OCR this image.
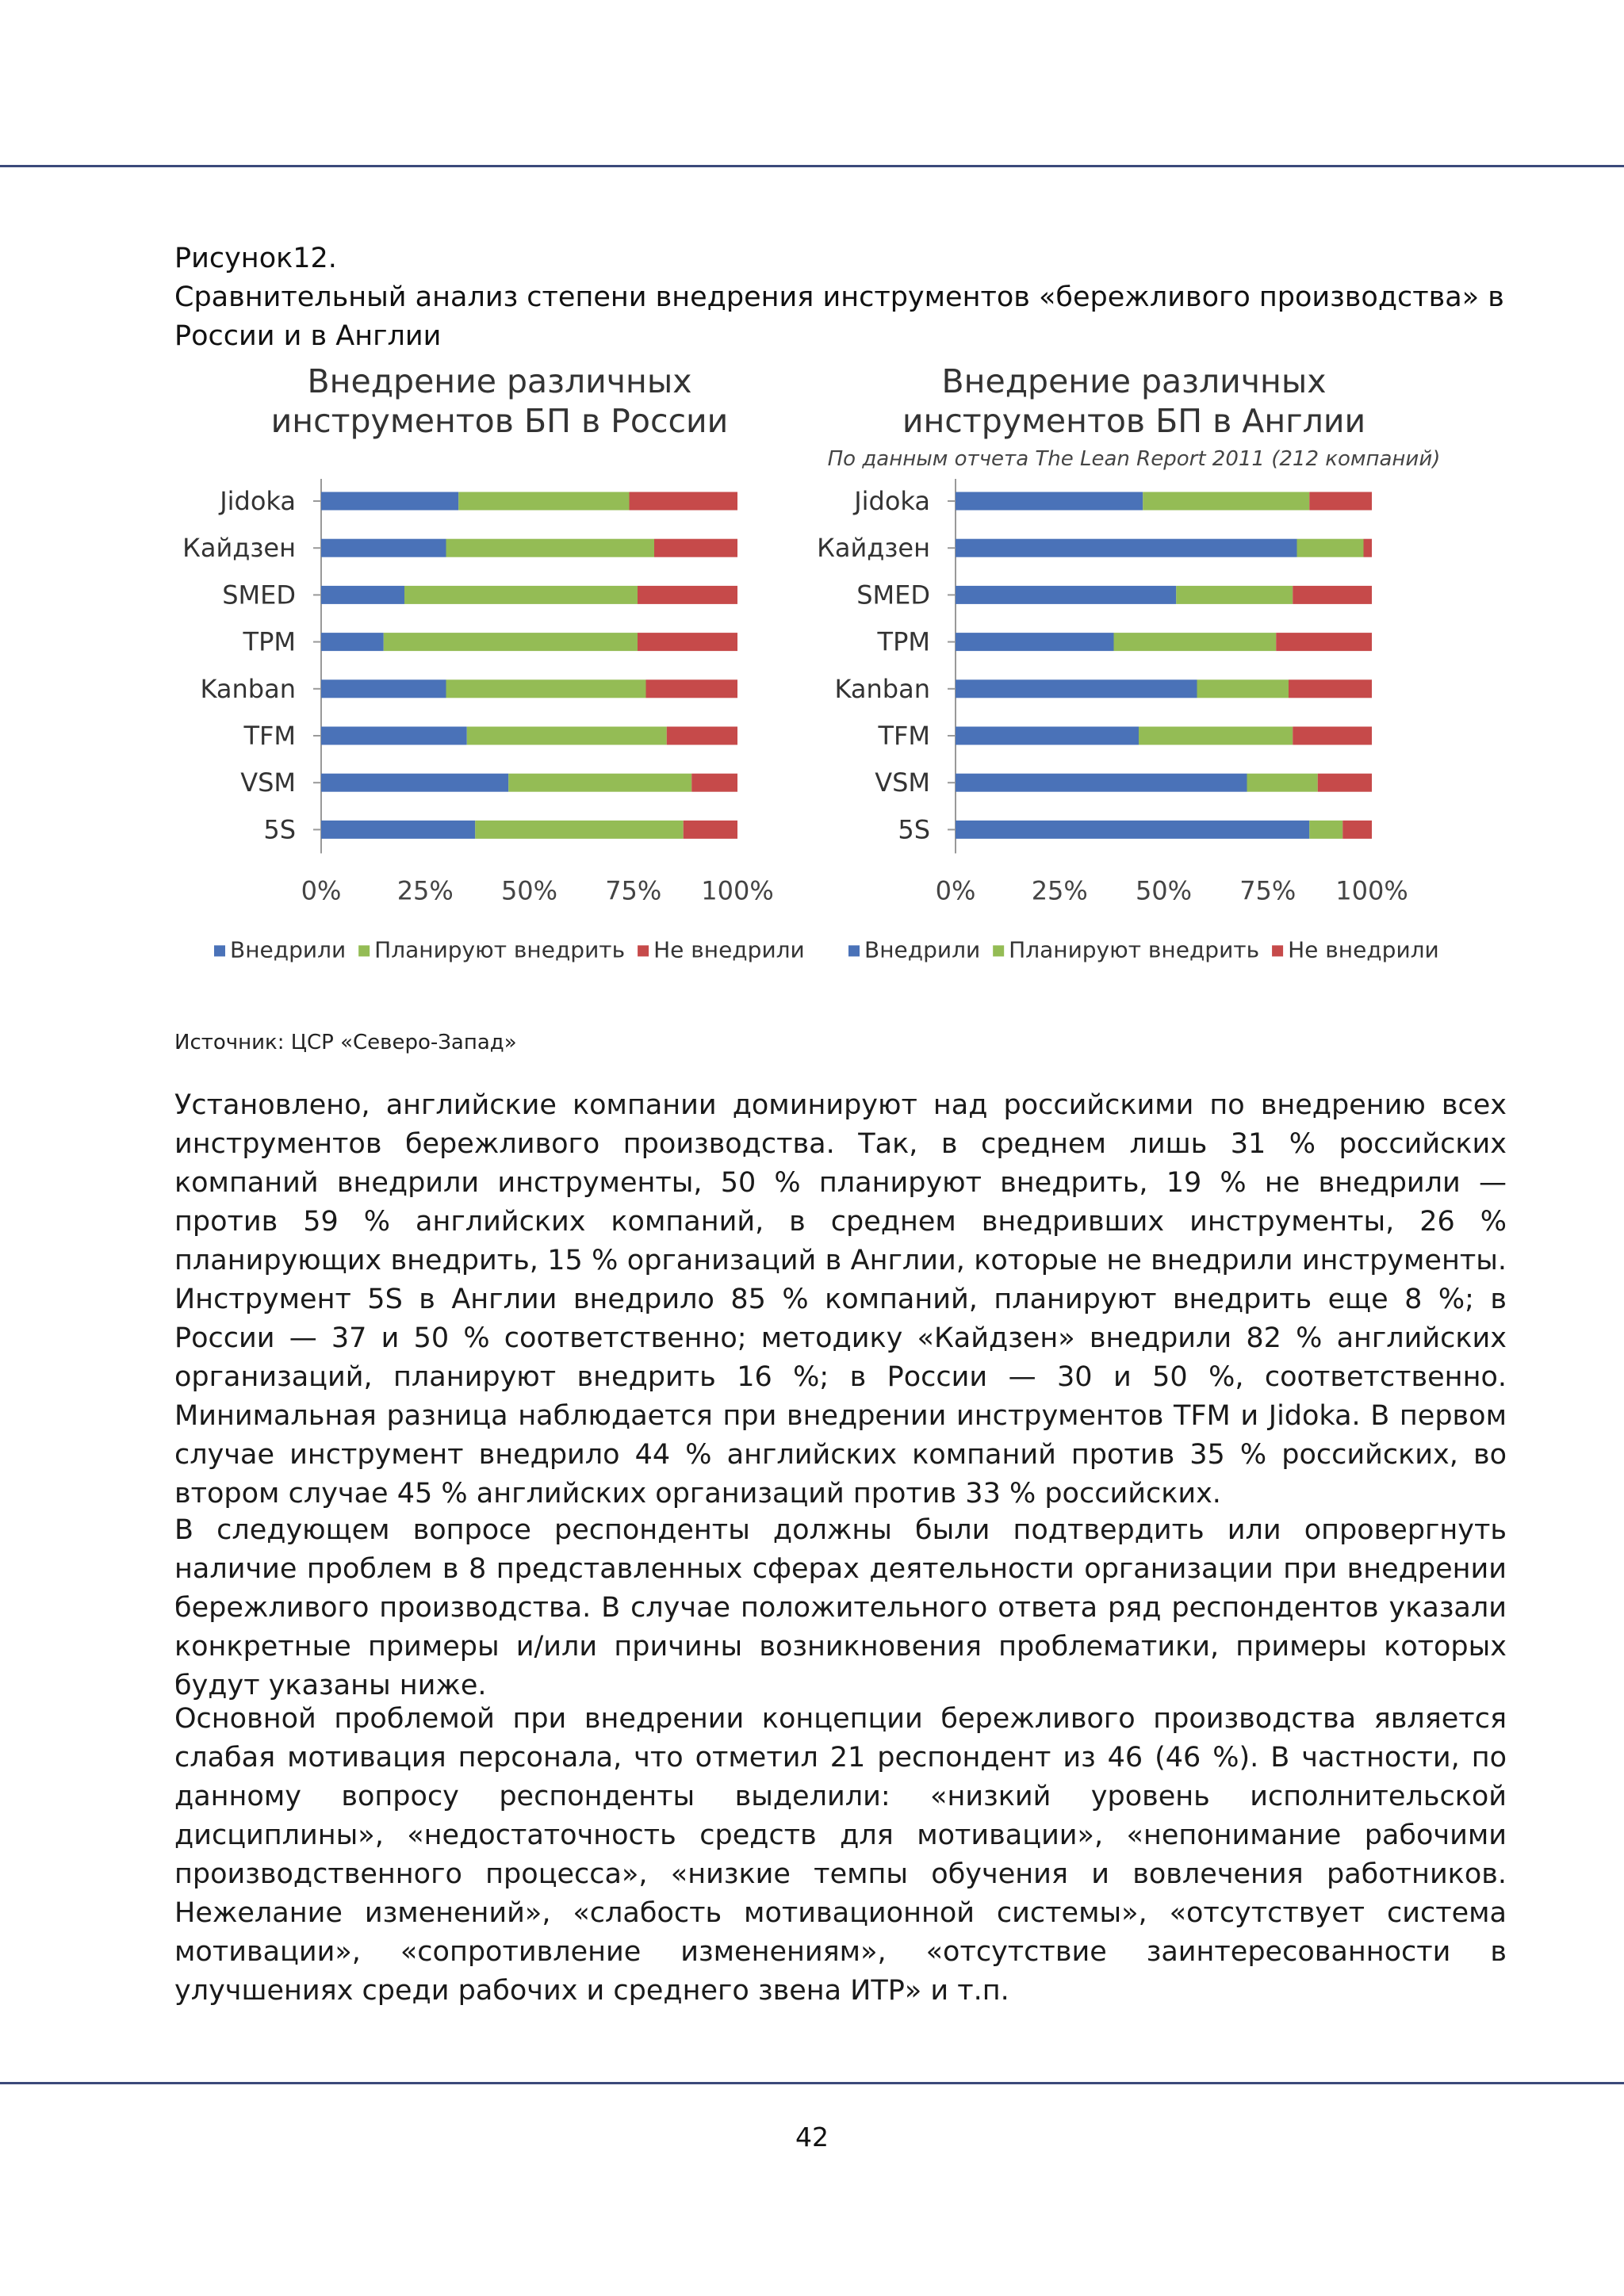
Рисунок12.
Сравнительный анализ степени внедрения инструментов «бережливого производства» в России и в Англии
Внедрение различных
инструментов БП в России
Jidoka
Кайдзен
SMED
TPM
Kanban
TFM
VSM
5S
0% 25% 50% 75% 100%
Внедрили Планируют внедрить Не внедрили
Внедрение различных
инструментов БП в Англии
По данным отчета The Lean Report 2011 (212 компаний)
Jidoka
Кайдзен
SMED
TPM
Kanban
TFM
VSM
5S
0% 25% 50% 75% 100%
Внедрили Планируют внедрить Не внедрили
Источник: ЦСР «Северо-Запад»
Установлено, английские компании доминируют над российскими по внедрению всех инструментов бережливого производства. Так, в среднем лишь 31 % российских компаний внедрили инструменты, 50 % планируют внедрить, 19 % не внедрили — против 59 % английских компаний, в среднем внедривших инструменты, 26 % планирующих внедрить, 15 % организаций в Англии, которые не внедрили инструменты. Инструмент 5S в Англии внедрило 85 % компаний, планируют внедрить еще 8 %; в России — 37 и 50 % соответственно; методику «Кайдзен» внедрили 82 % английских организаций, планируют внедрить 16 %; в России — 30 и 50 %, соответственно. Минимальная разница наблюдается при внедрении инструментов TFM и Jidoka. В первом случае инструмент внедрило 44 % английских компаний против 35 % российских, во втором случае 45 % английских организаций против 33 % российских.
В следующем вопросе респонденты должны были подтвердить или опровергнуть наличие проблем в 8 представленных сферах деятельности организации при внедрении бережливого производства. В случае положительного ответа ряд респондентов указали конкретные примеры и/или причины возникновения проблематики, примеры которых будут указаны ниже.
Основной проблемой при внедрении концепции бережливого производства является слабая мотивация персонала, что отметил 21 респондент из 46 (46 %). В частности, по данному вопросу респонденты выделили: «низкий уровень исполнительской дисциплины», «недостаточность средств для мотивации», «непонимание рабочими производственного процесса», «низкие темпы обучения и вовлечения работников. Нежелание изменений», «слабость мотивационной системы», «отсутствует система мотивации», «сопротивление изменениям», «отсутствие заинтересованности в улучшениях среди рабочих и среднего звена ИТР» и т.п.
42
